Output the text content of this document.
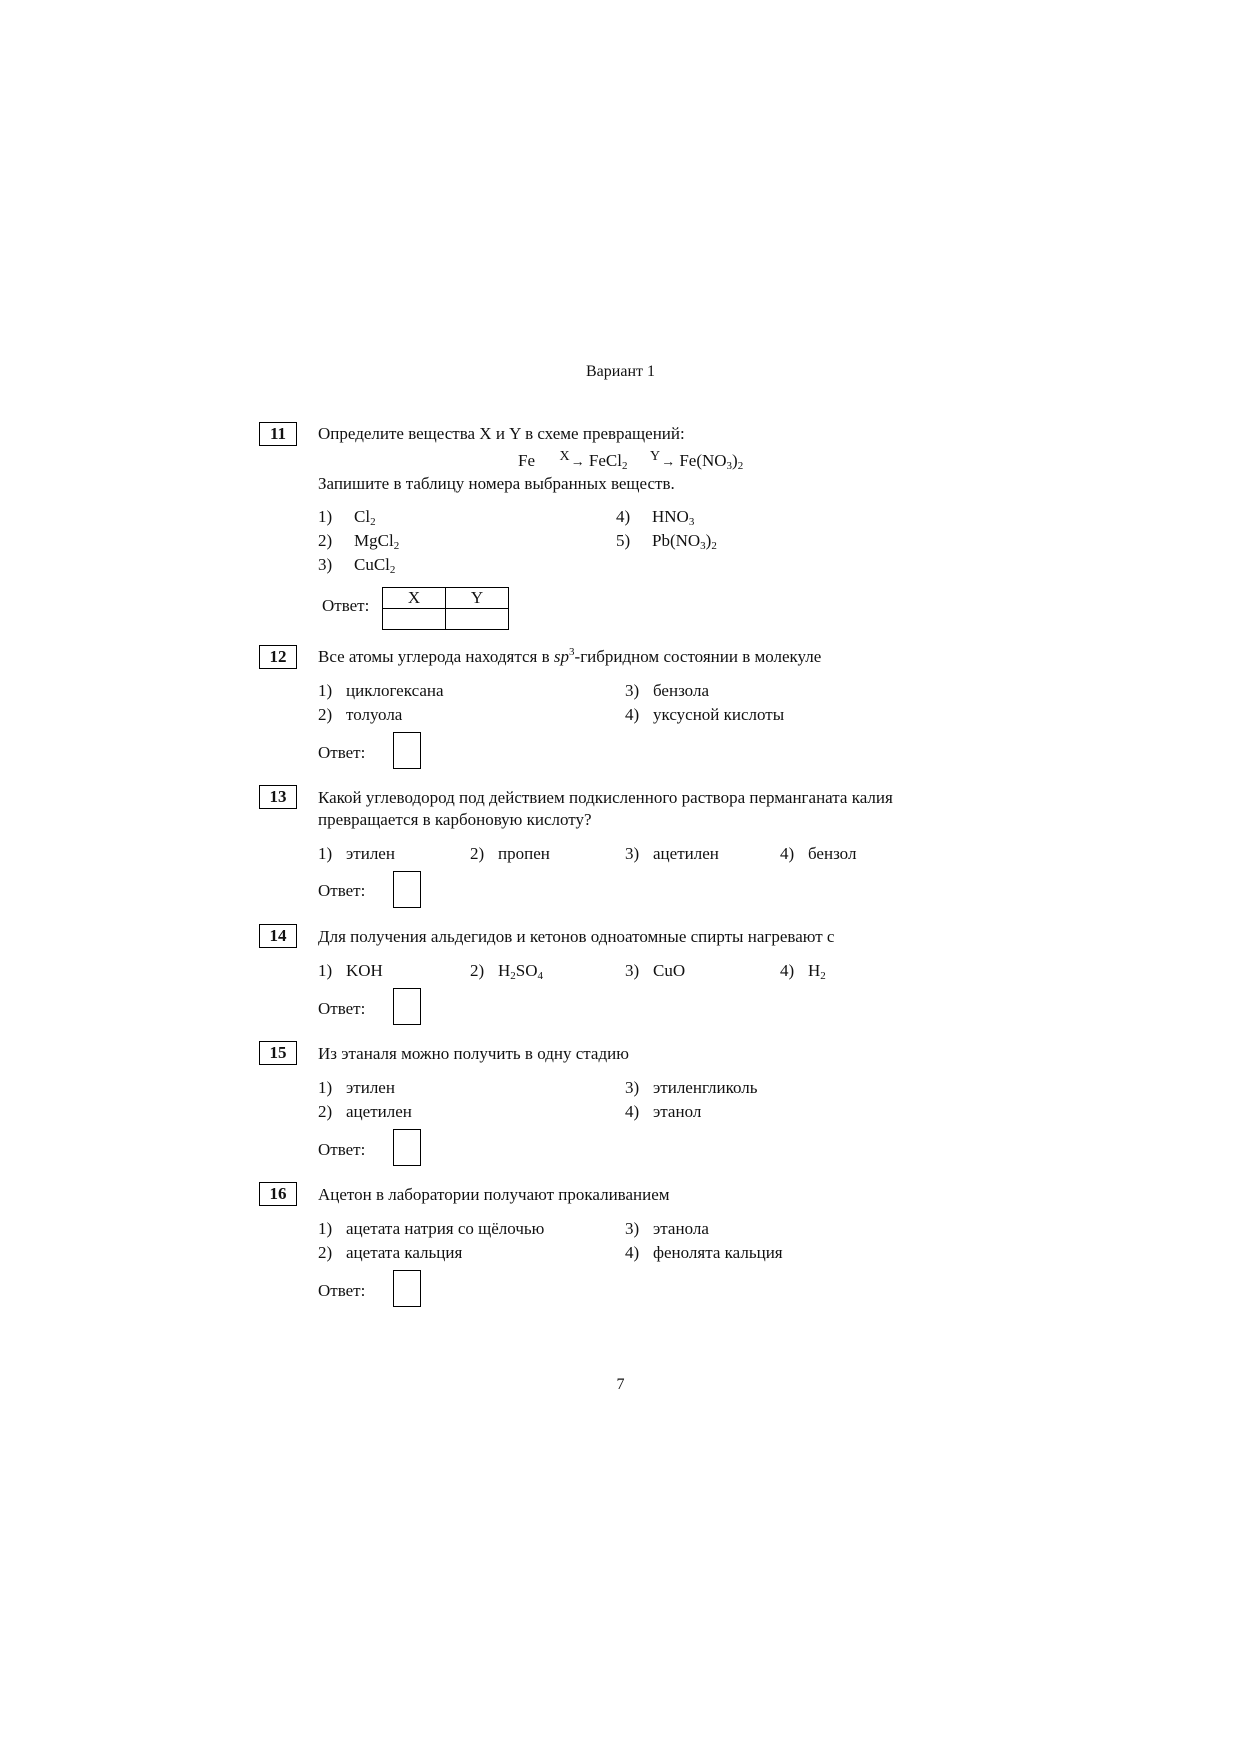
Вариант 1
11	Определите вещества X и Y в схеме превращений:
Fe $^X$→ FeCl$_2$  $^Y\to Fe(NO_3)_2$
Запишите в таблицу номера выбранных веществ.
1) $Cl_2$
2) MgCl$_2$
3) CuCl$_2$
4) $HNO_3$
5) $Pb(NO_3)_2$
Ответ: X	Y

12	Все атомы углерода находятся в $sp^3$-гибридном состоянии в молекуле
1) циклогексана
2) толуола
3) бензола
4) уксусной кислоты
Ответ:
13	Какой углеводород под действием подкисленного раствора перманганата калия
превращается в карбоновую кислоту?
1) этилен	2) пропен	3) ацетилен	4) бензол
Ответ:
14	Для получения альдегидов и кетонов одноатомные спирты нагревают с
1) KOH	2) $H_2SO_4$	3) CuO	4) $H_2$
Ответ:
15	Из этаналя можно получить в одну стадию
1) этилен
2) ацетилен
3) этиленгликоль
4) этанол
Ответ:
16	Ацетон в лаборатории получают прокаливанием
1) ацетата натрия со щёлочью
2) ацетата кальция
3) этанола
4) фенолята кальция
Ответ:
7
